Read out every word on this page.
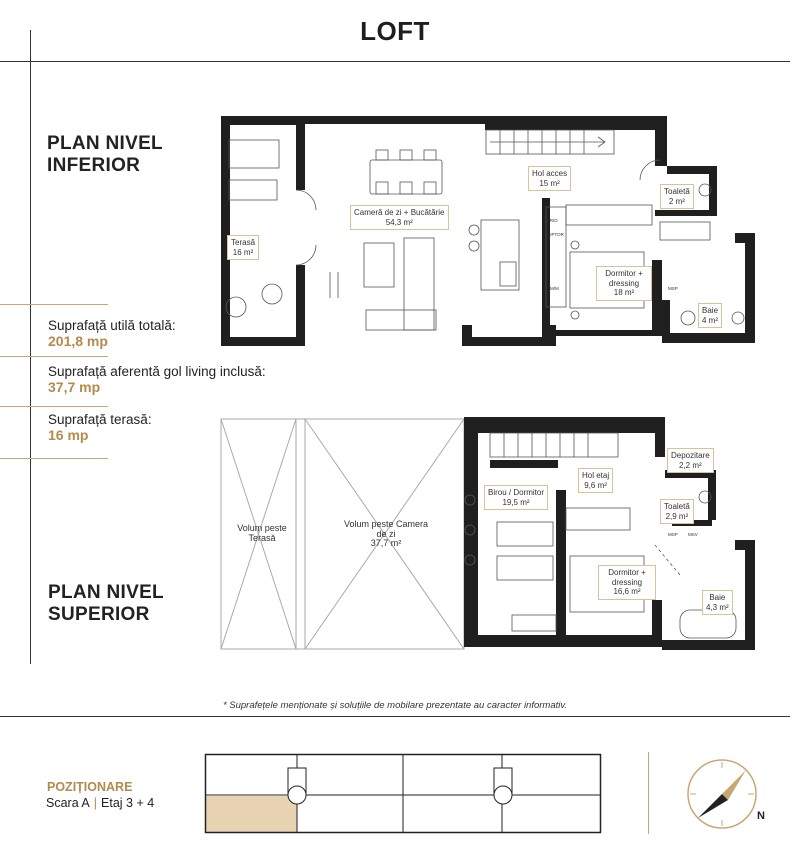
LOFT
PLAN NIVEL
INFERIOR
Suprafață utilă totală:
201,8 mp
Suprafață aferentă gol living inclusă:
37,7 mp
Suprafață terasă:
16 mp
PLAN NIVEL
SUPERIOR
FRIG
CUPTOR
M/M	MSP
MSP MSV
Cameră de zi + Bucătărie
54,3 m²
Hol acces
15 m²
Toaletă
2 m²
Terasă
16 m²
Dormitor + dressing
18 m²
Baie
4 m²
Volum peste Terasă
Volum peste Camera de zi
37,7 m²
Birou / Dormitor
19,5 m²
Hol etaj
9,6 m²
Depozitare
2,2 m²
Toaletă
2,9 m²
Dormitor + dressing
16,6 m²
Baie
4,3 m²
* Suprafețele menționate și soluțiile de mobilare prezentate au caracter informativ.
POZIȚIONARE
Scara A | Etaj 3 + 4
N
